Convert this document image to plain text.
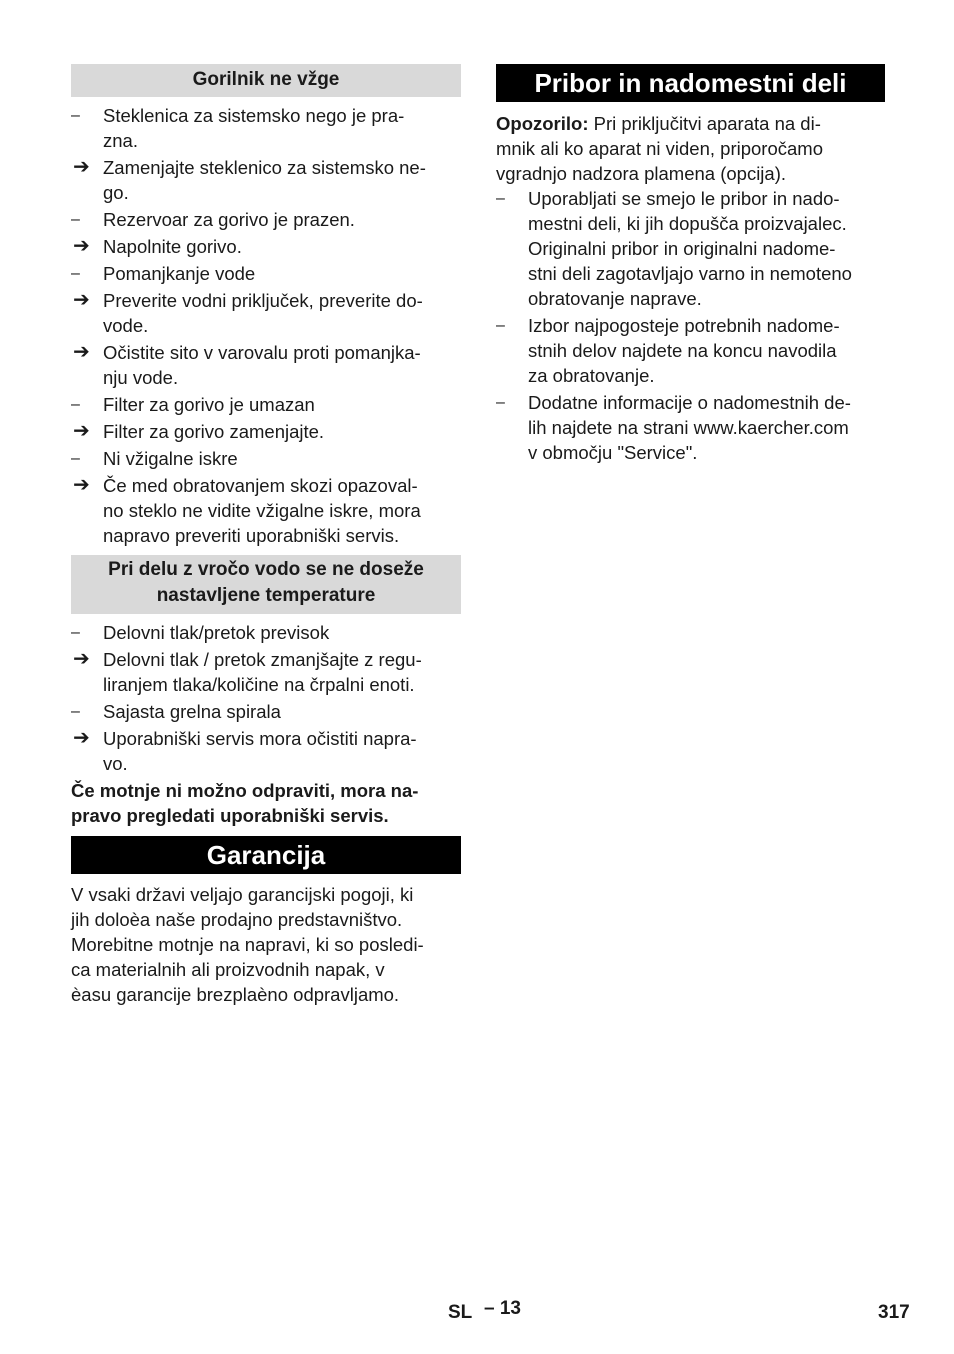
Gorilnik ne vžge
–	Steklenica za sistemsko nego je pra-
zna.
➔ Zamenjajte steklenico za sistemsko ne-
go.
–	Rezervoar za gorivo je prazen.
➔ Napolnite gorivo.
–	Pomanjkanje vode
➔ Preverite vodni priključek, preverite do-
vode.
➔ Očistite sito v varovalu proti pomanjka-
nju vode.
–	Filter za gorivo je umazan
➔ Filter za gorivo zamenjajte.
–	Ni vžigalne iskre
➔ Če med obratovanjem skozi opazoval-
no steklo ne vidite vžigalne iskre, mora
napravo preveriti uporabniški servis.
Pri delu z vročo vodo se ne doseže nastavljene temperature
–	Delovni tlak/pretok previsok
➔ Delovni tlak / pretok zmanjšajte z regu-
liranjem tlaka/količine na črpalni enoti.
–	Sajasta grelna spirala
➔ Uporabniški servis mora očistiti napra-
vo.
Če motnje ni možno odpraviti, mora na-
pravo pregledati uporabniški servis.
Garancija
V vsaki državi veljajo garancijski pogoji, ki
jih doloèa naše prodajno predstavništvo.
Morebitne motnje na napravi, ki so posledi-
ca materialnih ali proizvodnih napak, v
èasu garancije brezplaèno odpravljamo.
Pribor in nadomestni deli
Opozorilo: Pri priključitvi aparata na di-
mnik ali ko aparat ni viden, priporočamo
vgradnjo nadzora plamena (opcija).
–	Uporabljati se smejo le pribor in nado-
mestni deli, ki jih dopušča proizvajalec.
Originalni pribor in originalni nadome-
stni deli zagotavljajo varno in nemoteno
obratovanje naprave.
–	Izbor najpogosteje potrebnih nadome-
stnih delov najdete na koncu navodila
za obratovanje.
–	Dodatne informacije o nadomestnih de-
lih najdete na strani www.kaercher.com
v območju "Service".
SL – 13	317
